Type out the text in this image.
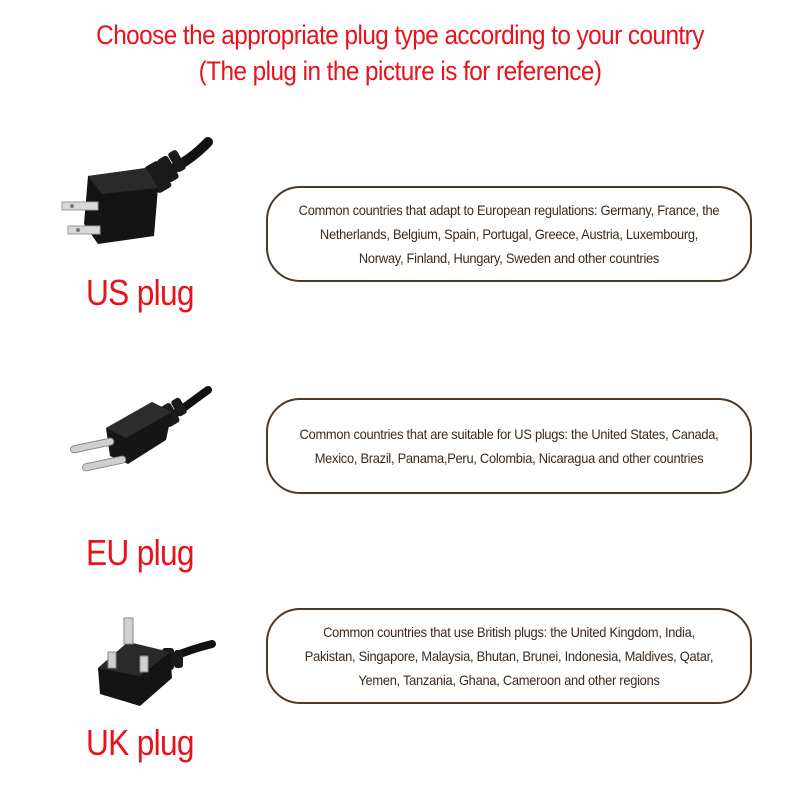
Choose the appropriate plug type according to your country
(The plug in the picture is for reference)
US plug
Common countries that adapt to European regulations: Germany, France, the Netherlands, Belgium, Spain, Portugal, Greece, Austria, Luxembourg, Norway, Finland, Hungary, Sweden and other countries
EU plug
Common countries that are suitable for US plugs: the United States, Canada, Mexico, Brazil, Panama,Peru, Colombia, Nicaragua and other countries
UK plug
Common countries that use British plugs: the United Kingdom, India, Pakistan, Singapore, Malaysia, Bhutan, Brunei, Indonesia, Maldives, Qatar, Yemen, Tanzania, Ghana, Cameroon and other regions
